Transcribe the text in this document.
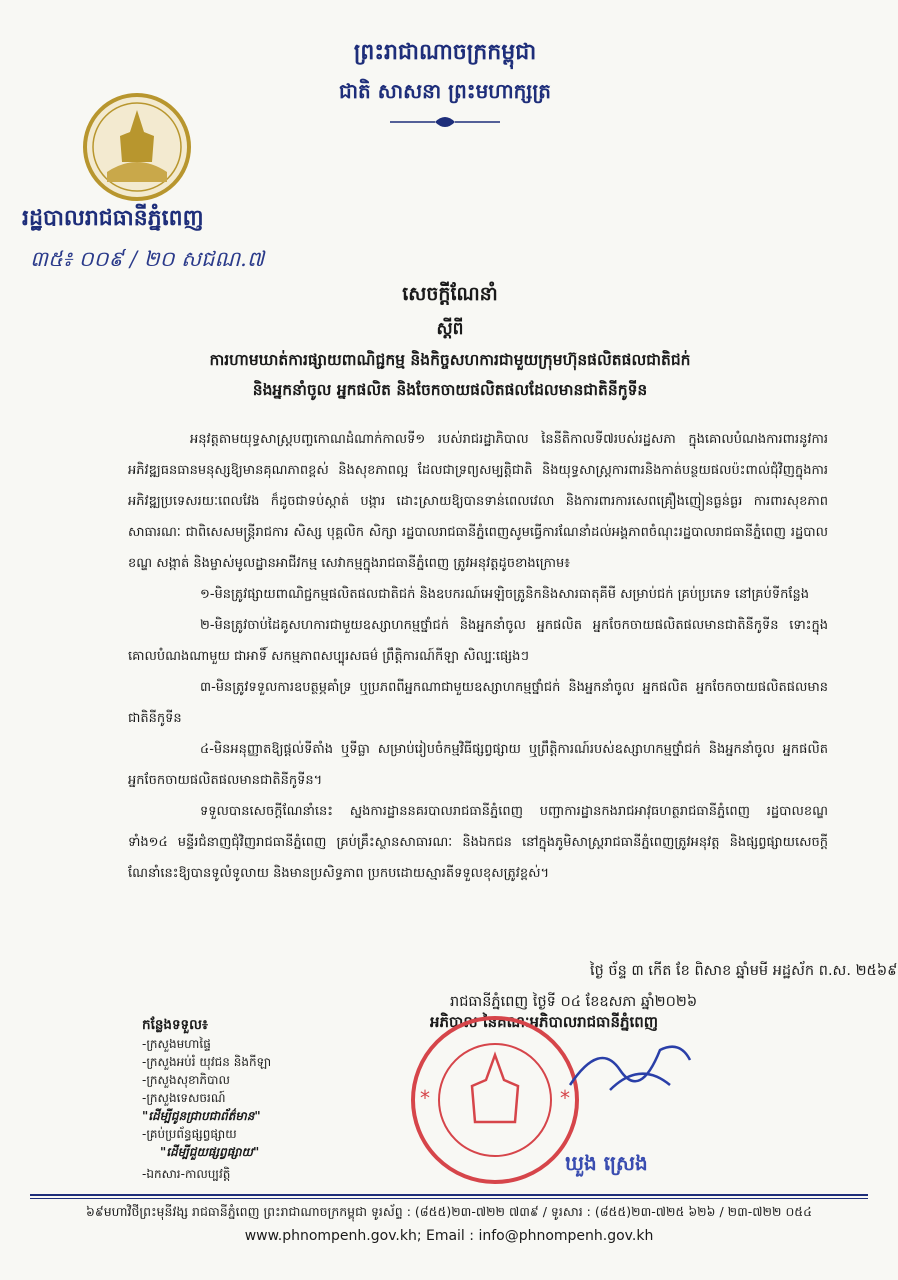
ព្រះរាជាណាចក្រកម្ពុជា
ជាតិ សាសនា ព្រះមហាក្សត្រ
រដ្ឋបាលរាជធានីភ្នំពេញ
៣៥៖ ០០៩ / ២០ សជណ.៧
សេចក្តីណែនាំ
ស្តីពី
ការហាមឃាត់ការផ្សាយពាណិជ្ជកម្ម និងកិច្ចសហការជាមួយក្រុមហ៊ុនផលិតផលជាតិជក់
និងអ្នកនាំចូល អ្នកផលិត និងចែកចាយផលិតផលដែលមានជាតិនីកូទីន

អនុវត្តតាមយុទ្ធសាស្ត្របញ្ចកោណដំណាក់កាលទី១ របស់រាជរដ្ឋាភិបាល នៃនីតិកាលទី៧របស់រដ្ឋសភា ក្នុងគោលបំណងការពារនូវការអភិវឌ្ឍធនធានមនុស្សឱ្យមានគុណភាពខ្ពស់ និងសុខភាពល្អ ដែលជាទ្រព្យសម្បត្តិជាតិ និងយុទ្ធសាស្ត្រការពារនិងកាត់បន្ថយផលប៉ះពាល់ជុំវិញក្នុងការអភិវឌ្ឍប្រទេសរយៈពេលវែង ក៏ដូចជាទប់ស្កាត់ បង្ការ ដោះស្រាយឱ្យបានទាន់ពេលវេលា និងការពារការសេពគ្រឿងញៀនធ្ងន់ធ្ងរ ការពារសុខភាពសាធារណៈ ជាពិសេសមន្ត្រីរាជការ សិស្ស បុគ្គលិក សិក្សា រដ្ឋបាលរាជធានីភ្នំពេញសូមធ្វើការណែនាំដល់អង្គភាពចំណុះរដ្ឋបាលរាជធានីភ្នំពេញ រដ្ឋបាលខណ្ឌ សង្កាត់ និងម្ចាស់មូលដ្ឋានអាជីវកម្ម សេវាកម្មក្នុងរាជធានីភ្នំពេញ ត្រូវអនុវត្តដូចខាងក្រោម៖

១-មិនត្រូវផ្សាយពាណិជ្ជកម្មផលិតផលជាតិជក់ និងឧបករណ៍អេឡិចត្រូនិកនិងសារធាតុគីមី សម្រាប់ជក់ គ្រប់ប្រភេទ នៅគ្រប់ទីកន្លែង

២-មិនត្រូវចាប់ដៃគូសហការជាមួយឧស្សាហកម្មថ្នាំជក់ និងអ្នកនាំចូល អ្នកផលិត អ្នកចែកចាយផលិតផលមានជាតិនីកូទីន ទោះក្នុងគោលបំណងណាមួយ ជាអាទិ៍ សកម្មភាពសប្បុរសធម៌ ព្រឹត្តិការណ៍កីឡា សិល្បៈផ្សេងៗ

៣-មិនត្រូវទទួលការឧបត្ថម្ភគាំទ្រ ឬប្រភពពីអ្នកណាជាមួយឧស្សាហកម្មថ្នាំជក់ និងអ្នកនាំចូល អ្នកផលិត អ្នកចែកចាយផលិតផលមានជាតិនីកូទីន

៤-មិនអនុញ្ញាតឱ្យផ្តល់ទីតាំង ឬទីធ្លា សម្រាប់រៀបចំកម្មវិធីផ្សព្វផ្សាយ ឬព្រឹត្តិការណ៍របស់ឧស្សាហកម្មថ្នាំជក់ និងអ្នកនាំចូល អ្នកផលិត អ្នកចែកចាយផលិតផលមានជាតិនីកូទីន។

ទទួលបានសេចក្តីណែនាំនេះ ស្នងការដ្ឋាននគរបាលរាជធានីភ្នំពេញ បញ្ជាការដ្ឋានកងរាជអាវុធហត្ថរាជធានីភ្នំពេញ រដ្ឋបាលខណ្ឌទាំង១៤ មន្ទីរជំនាញជុំវិញរាជធានីភ្នំពេញ គ្រប់គ្រឹះស្ថានសាធារណៈ និងឯកជន នៅក្នុងភូមិសាស្ត្ររាជធានីភ្នំពេញត្រូវអនុវត្ត និងផ្សព្វផ្សាយសេចក្តីណែនាំនេះឱ្យបានទូលំទូលាយ និងមានប្រសិទ្ធភាព ប្រកបដោយស្មារតីទទួលខុសត្រូវខ្ពស់។

ថ្ងៃ ច័ន្ទ ៣ កើត ខែ ពិសាខ ឆ្នាំមមី អដ្ឋស័ក ព.ស. ២៥៦៩
រាជធានីភ្នំពេញ ថ្ងៃទី ០៤ ខែឧសភា ឆ្នាំ២០២៦
អភិបាល នៃគណៈអភិបាលរាជធានីភ្នំពេញ
*	*
ឃួង ស្រេង
កន្លែងទទួល៖
-ក្រសួងមហាផ្ទៃ
-ក្រសួងអប់រំ យុវជន និងកីឡា
-ក្រសួងសុខាភិបាល
-ក្រសួងទេសចរណ៍
"ដើម្បីជូនជ្រាបជាព័ត៌មាន"
-គ្រប់ប្រព័ន្ធផ្សព្វផ្សាយ
"ដើម្បីជួយផ្សព្វផ្សាយ"
-ឯកសារ-កាលប្បវត្តិ
៦៩មហាវិថីព្រះមុនីវង្ស រាជធានីភ្នំពេញ ព្រះរាជាណាចក្រកម្ពុជា ទូរស័ព្ទ : (៨៥៥)២៣-៧២២ ៧៣៩ / ទូរសារ : (៨៥៥)២៣-៧២៥ ៦២៦ / ២៣-៧២២ ០៥៤
www.phnompenh.gov.kh; Email : info@phnompenh.gov.kh
